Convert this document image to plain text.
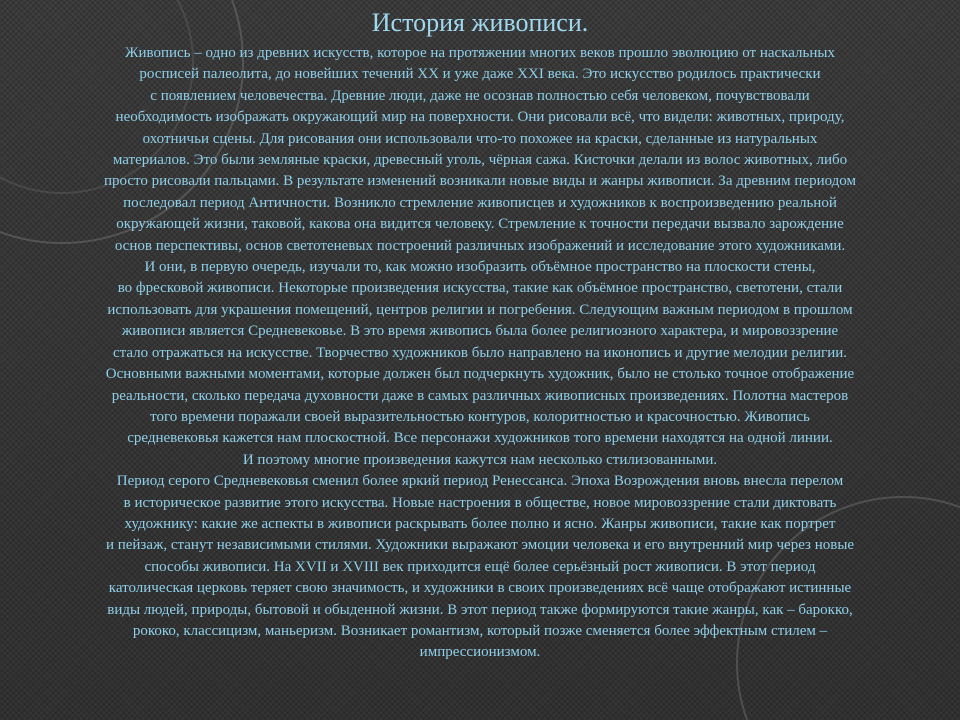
История живописи.

Живопись – одно из древних искусств, которое на протяжении многих веков прошло эволюцию от наскальных
росписей палеолита, до новейших течений XX и уже даже XXI века. Это искусство родилось практически
с появлением человечества. Древние люди, даже не осознав полностью себя человеком, почувствовали
необходимость изображать окружающий мир на поверхности. Они рисовали всё, что видели: животных, природу,
охотничьи сцены. Для рисования они использовали что-то похожее на краски, сделанные из натуральных
материалов. Это были земляные краски, древесный уголь, чёрная сажа. Кисточки делали из волос животных, либо
просто рисовали пальцами. В результате изменений возникали новые виды и жанры живописи. За древним периодом
последовал период Античности. Возникло стремление живописцев и художников к воспроизведению реальной
окружающей жизни, таковой, какова она видится человеку. Стремление к точности передачи вызвало зарождение
основ перспективы, основ светотеневых построений различных изображений и исследование этого художниками.
И они, в первую очередь, изучали то, как можно изобразить объёмное пространство на плоскости стены,
во фресковой живописи. Некоторые произведения искусства, такие как объёмное пространство, светотени, стали
использовать для украшения помещений, центров религии и погребения. Следующим важным периодом в прошлом
живописи является Средневековье. В это время живопись была более религиозного характера, и мировоззрение
стало отражаться на искусстве. Творчество художников было направлено на иконопись и другие мелодии религии.
Основными важными моментами, которые должен был подчеркнуть художник, было не столько точное отображение
реальности, сколько передача духовности даже в самых различных живописных произведениях. Полотна мастеров
того времени поражали своей выразительностью контуров, колоритностью и красочностью. Живопись
средневековья кажется нам плоскостной. Все персонажи художников того времени находятся на одной линии.
И поэтому многие произведения кажутся нам несколько стилизованными.
Период серого Средневековья сменил более яркий период Ренессанса. Эпоха Возрождения вновь внесла перелом
в историческое развитие этого искусства. Новые настроения в обществе, новое мировоззрение стали диктовать
художнику: какие же аспекты в живописи раскрывать более полно и ясно. Жанры живописи, такие как портрет
и пейзаж, станут независимыми стилями. Художники выражают эмоции человека и его внутренний мир через новые
способы живописи. На XVII и XVIII век приходится ещё более серьёзный рост живописи. В этот период
католическая церковь теряет свою значимость, и художники в своих произведениях всё чаще отображают истинные
виды людей, природы, бытовой и обыденной жизни. В этот период также формируются такие жанры, как – барокко,
рококо, классицизм, маньеризм. Возникает романтизм, который позже сменяется более эффектным стилем –
импрессионизмом.
